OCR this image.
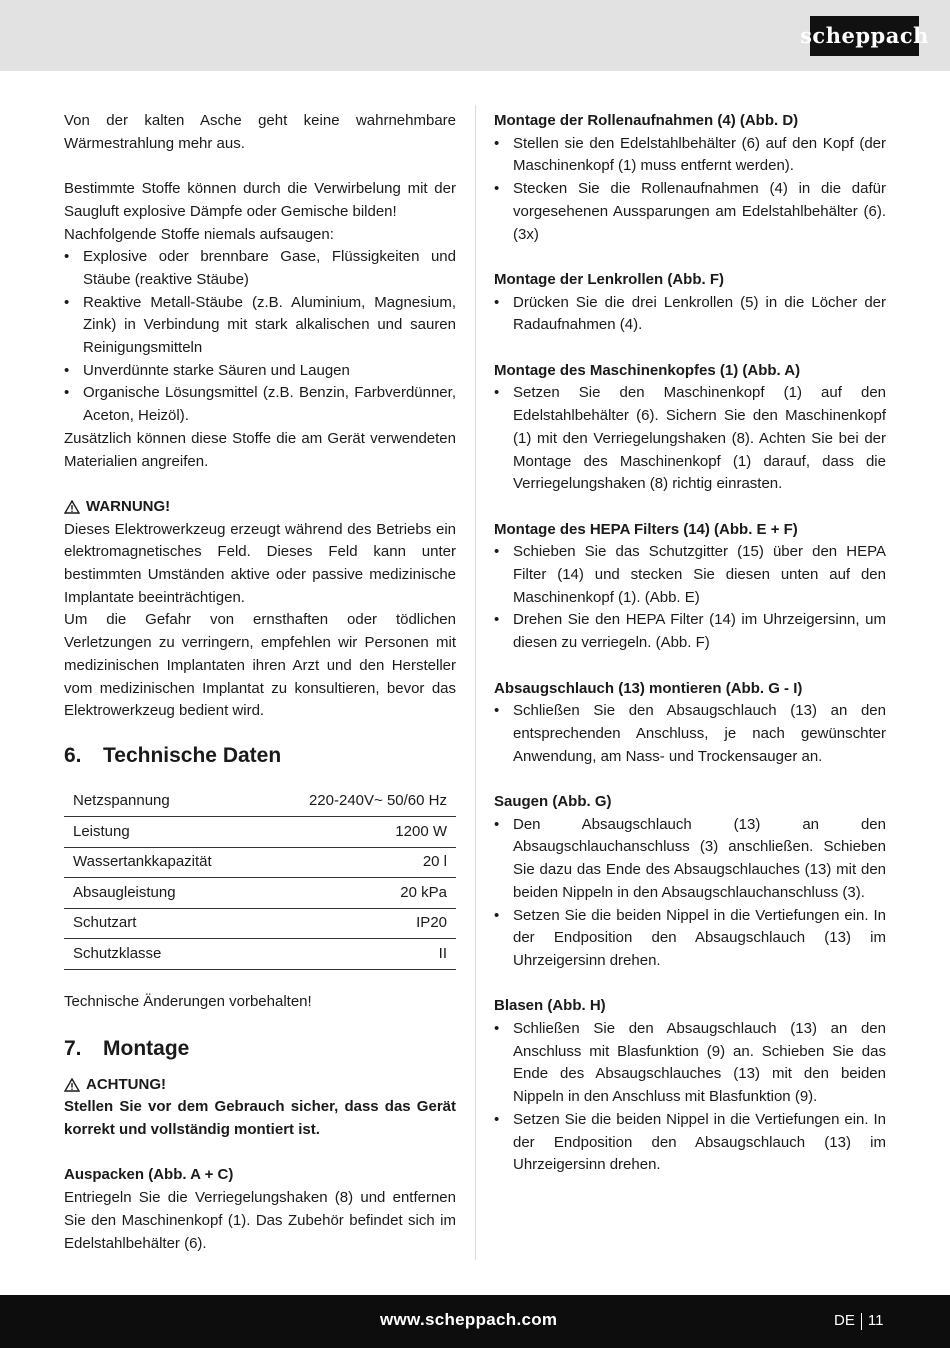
scheppach

Von der kalten Asche geht keine wahrnehmbare Wärmestrahlung mehr aus.

Bestimmte Stoffe können durch die Verwirbelung mit der Saugluft explosive Dämpfe oder Gemische bilden!

Nachfolgende Stoffe niemals aufsaugen:

• Explosive oder brennbare Gase, Flüssigkeiten und Stäube (reaktive Stäube)
• Reaktive Metall-Stäube (z.B. Aluminium, Magnesium, Zink) in Verbindung mit stark alkalischen und sauren Reinigungsmitteln
• Unverdünnte starke Säuren und Laugen
• Organische Lösungsmittel (z.B. Benzin, Farbverdünner, Aceton, Heizöl).

Zusätzlich können diese Stoffe die am Gerät verwendeten Materialien angreifen.

WARNUNG!

Dieses Elektrowerkzeug erzeugt während des Betriebs ein elektromagnetisches Feld. Dieses Feld kann unter bestimmten Umständen aktive oder passive medizinische Implantate beeinträchtigen.

Um die Gefahr von ernsthaften oder tödlichen Verletzungen zu verringern, empfehlen wir Personen mit medizinischen Implantaten ihren Arzt und den Hersteller vom medizinischen Implantat zu konsultieren, bevor das Elektrowerkzeug bedient wird.

6.	Technische Daten
Netzspannung	220-240V~ 50/60 Hz
Leistung	1200 W
Wassertankkapazität	20 l
Absaugleistung	20 kPa
Schutzart	IP20
Schutzklasse	II

Technische Änderungen vorbehalten!

7.	Montage
ACHTUNG!

Stellen Sie vor dem Gebrauch sicher, dass das Gerät korrekt und vollständig montiert ist.

Auspacken (Abb. A + C)

Entriegeln Sie die Verriegelungshaken (8) und entfernen Sie den Maschinenkopf (1). Das Zubehör befindet sich im Edelstahlbehälter (6).

Montage der Rollenaufnahmen (4) (Abb. D)

• Stellen sie den Edelstahlbehälter (6) auf den Kopf (der Maschinenkopf (1) muss entfernt werden).
• Stecken Sie die Rollenaufnahmen (4) in die dafür vorgesehenen Aussparungen am Edelstahlbehälter (6). (3x)

Montage der Lenkrollen (Abb. F)

• Drücken Sie die drei Lenkrollen (5) in die Löcher der Radaufnahmen (4).

Montage des Maschinenkopfes (1) (Abb. A)

• Setzen Sie den Maschinenkopf (1) auf den Edelstahlbehälter (6). Sichern Sie den Maschinenkopf (1) mit den Verriegelungshaken (8). Achten Sie bei der Montage des Maschinenkopf (1) darauf, dass die Verriegelungshaken (8) richtig einrasten.

Montage des HEPA Filters (14) (Abb. E + F)

• Schieben Sie das Schutzgitter (15) über den HEPA Filter (14) und stecken Sie diesen unten auf den Maschinenkopf (1). (Abb. E)
• Drehen Sie den HEPA Filter (14) im Uhrzeigersinn, um diesen zu verriegeln. (Abb. F)

Absaugschlauch (13) montieren (Abb. G - I)

• Schließen Sie den Absaugschlauch (13) an den entsprechenden Anschluss, je nach gewünschter Anwendung, am Nass- und Trockensauger an.

Saugen (Abb. G)

• Den Absaugschlauch (13) an den Absaugschlauchanschluss (3) anschließen. Schieben Sie dazu das Ende des Absaugschlauches (13) mit den beiden Nippeln in den Absaugschlauchanschluss (3).
• Setzen Sie die beiden Nippel in die Vertiefungen ein. In der Endposition den Absaugschlauch (13) im Uhrzeigersinn drehen.

Blasen (Abb. H)

• Schließen Sie den Absaugschlauch (13) an den Anschluss mit Blasfunktion (9) an. Schieben Sie das Ende des Absaugschlauches (13) mit den beiden Nippeln in den Anschluss mit Blasfunktion (9).
• Setzen Sie die beiden Nippel in die Vertiefungen ein. In der Endposition den Absaugschlauch (13) im Uhrzeigersinn drehen.
www.scheppach.com	DE 11
